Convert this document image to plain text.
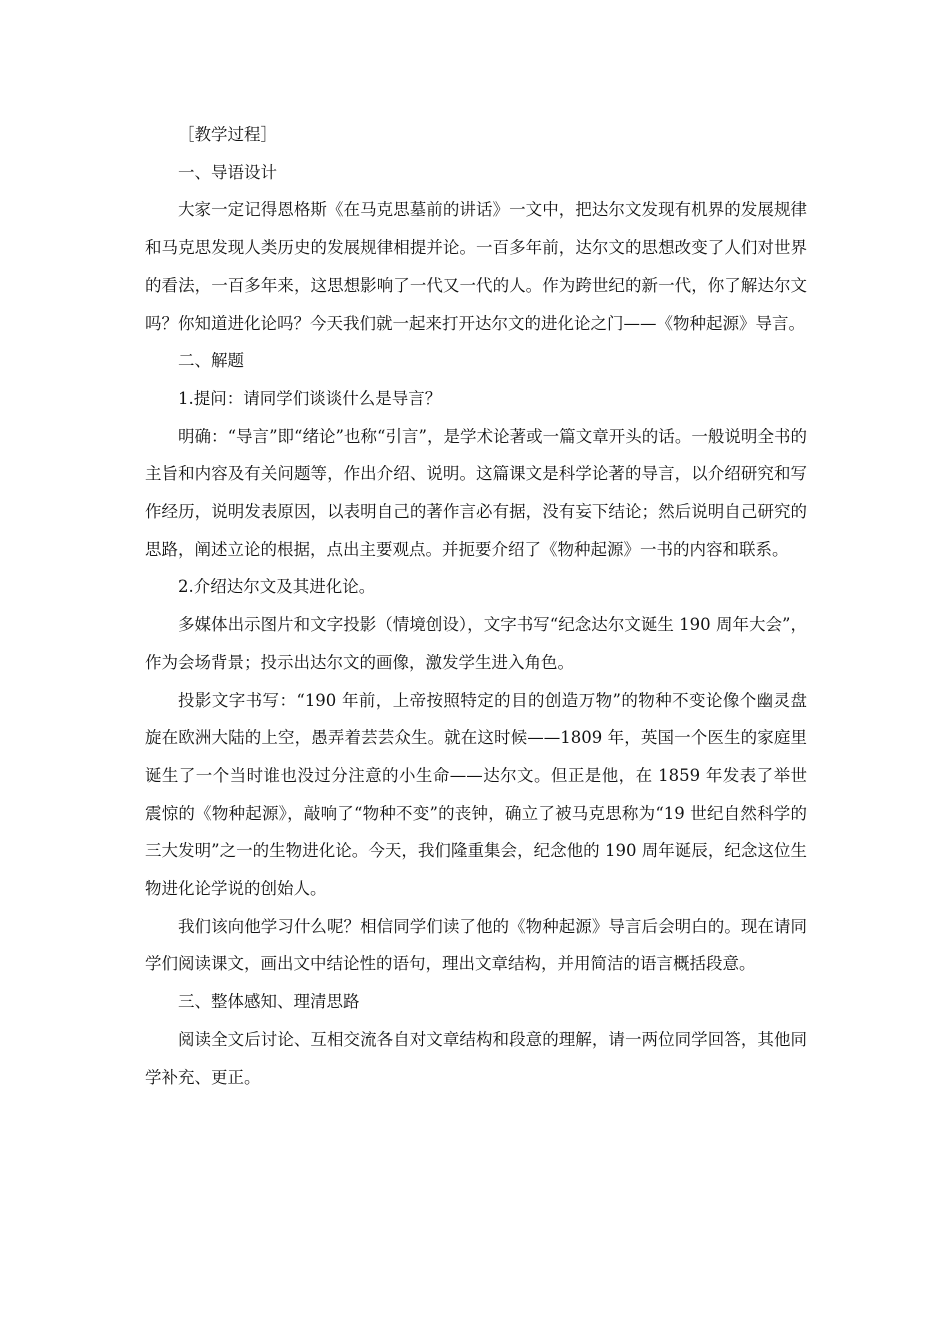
［教学过程］

一、导语设计

大家一定记得恩格斯《在马克思墓前的讲话》一文中，把达尔文发现有机界的发展规律和马克思发现人类历史的发展规律相提并论。一百多年前，达尔文的思想改变了人们对世界的看法，一百多年来，这思想影响了一代又一代的人。作为跨世纪的新一代，你了解达尔文吗？你知道进化论吗？今天我们就一起来打开达尔文的进化论之门——《物种起源》导言。

二、解题

1.提问：请同学们谈谈什么是导言？

明确：“导言”即“绪论”也称“引言”，是学术论著或一篇文章开头的话。一般说明全书的主旨和内容及有关问题等，作出介绍、说明。这篇课文是科学论著的导言，以介绍研究和写作经历，说明发表原因，以表明自己的著作言必有据，没有妄下结论；然后说明自己研究的思路，阐述立论的根据，点出主要观点。并扼要介绍了《物种起源》一书的内容和联系。

2.介绍达尔文及其进化论。

多媒体出示图片和文字投影（情境创设），文字书写“纪念达尔文诞生 190 周年大会”，作为会场背景；投示出达尔文的画像，激发学生进入角色。

投影文字书写：“190 年前，上帝按照特定的目的创造万物”的物种不变论像个幽灵盘旋在欧洲大陆的上空，愚弄着芸芸众生。就在这时候——1809 年，英国一个医生的家庭里诞生了一个当时谁也没过分注意的小生命——达尔文。但正是他，在 1859 年发表了举世震惊的《物种起源》，敲响了“物种不变”的丧钟，确立了被马克思称为“19 世纪自然科学的三大发明”之一的生物进化论。今天，我们隆重集会，纪念他的 190 周年诞辰，纪念这位生物进化论学说的创始人。

我们该向他学习什么呢？相信同学们读了他的《物种起源》导言后会明白的。现在请同学们阅读课文，画出文中结论性的语句，理出文章结构，并用简洁的语言概括段意。

三、整体感知、理清思路

阅读全文后讨论、互相交流各自对文章结构和段意的理解，请一两位同学回答，其他同学补充、更正。
